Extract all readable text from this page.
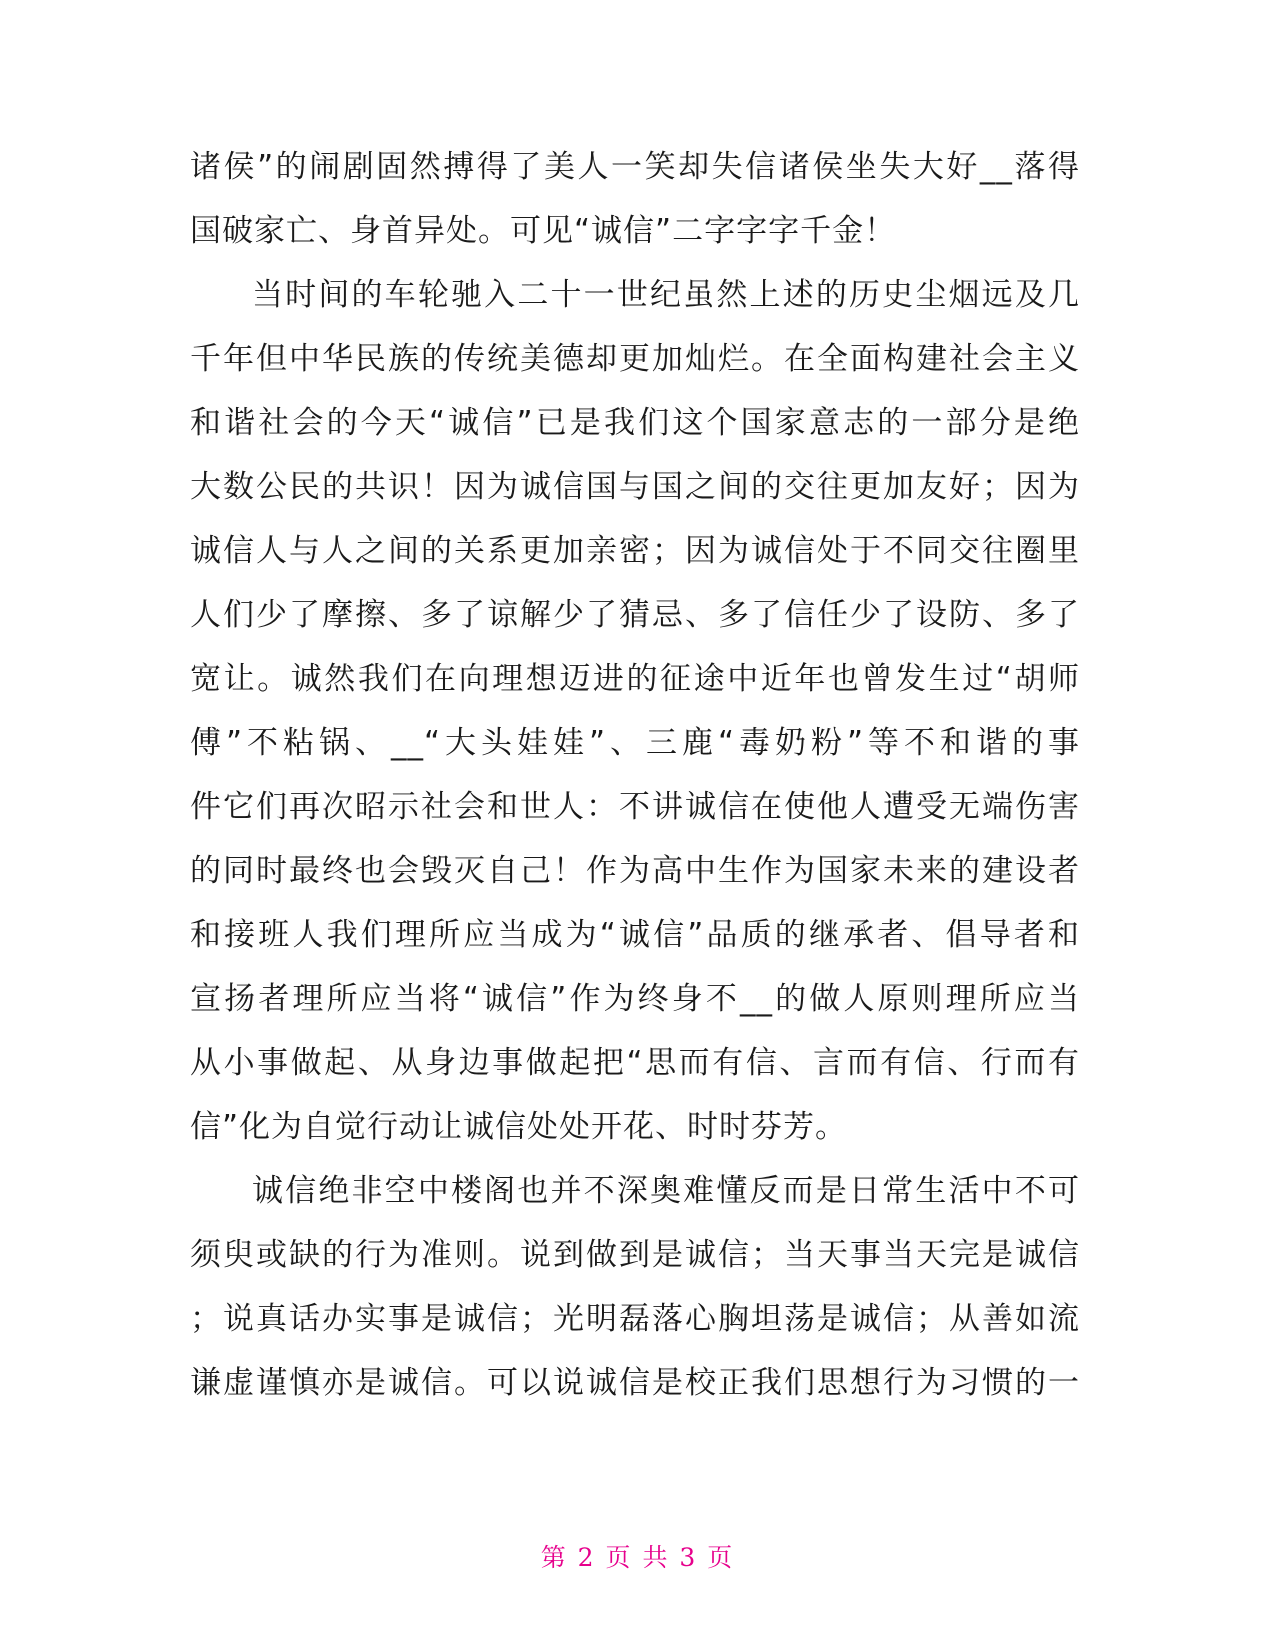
诸侯”的闹剧固然搏得了美人一笑却失信诸侯坐失大好__落得
国破家亡、身首异处。可见“诚信”二字字字千金！
当时间的车轮驰入二十一世纪虽然上述的历史尘烟远及几
千年但中华民族的传统美德却更加灿烂。在全面构建社会主义
和谐社会的今天“诚信”已是我们这个国家意志的一部分是绝
大数公民的共识！因为诚信国与国之间的交往更加友好；因为
诚信人与人之间的关系更加亲密；因为诚信处于不同交往圈里
人们少了摩擦、多了谅解少了猜忌、多了信任少了设防、多了
宽让。诚然我们在向理想迈进的征途中近年也曾发生过“胡师
傅”不粘锅、__“大头娃娃”、三鹿“毒奶粉”等不和谐的事
件它们再次昭示社会和世人：不讲诚信在使他人遭受无端伤害
的同时最终也会毁灭自己！作为高中生作为国家未来的建设者
和接班人我们理所应当成为“诚信”品质的继承者、倡导者和
宣扬者理所应当将“诚信”作为终身不__的做人原则理所应当
从小事做起、从身边事做起把“思而有信、言而有信、行而有
信”化为自觉行动让诚信处处开花、时时芬芳。
诚信绝非空中楼阁也并不深奥难懂反而是日常生活中不可
须臾或缺的行为准则。说到做到是诚信；当天事当天完是诚信
；说真话办实事是诚信；光明磊落心胸坦荡是诚信；从善如流
谦虚谨慎亦是诚信。可以说诚信是校正我们思想行为习惯的一
第 2 页 共 3 页
